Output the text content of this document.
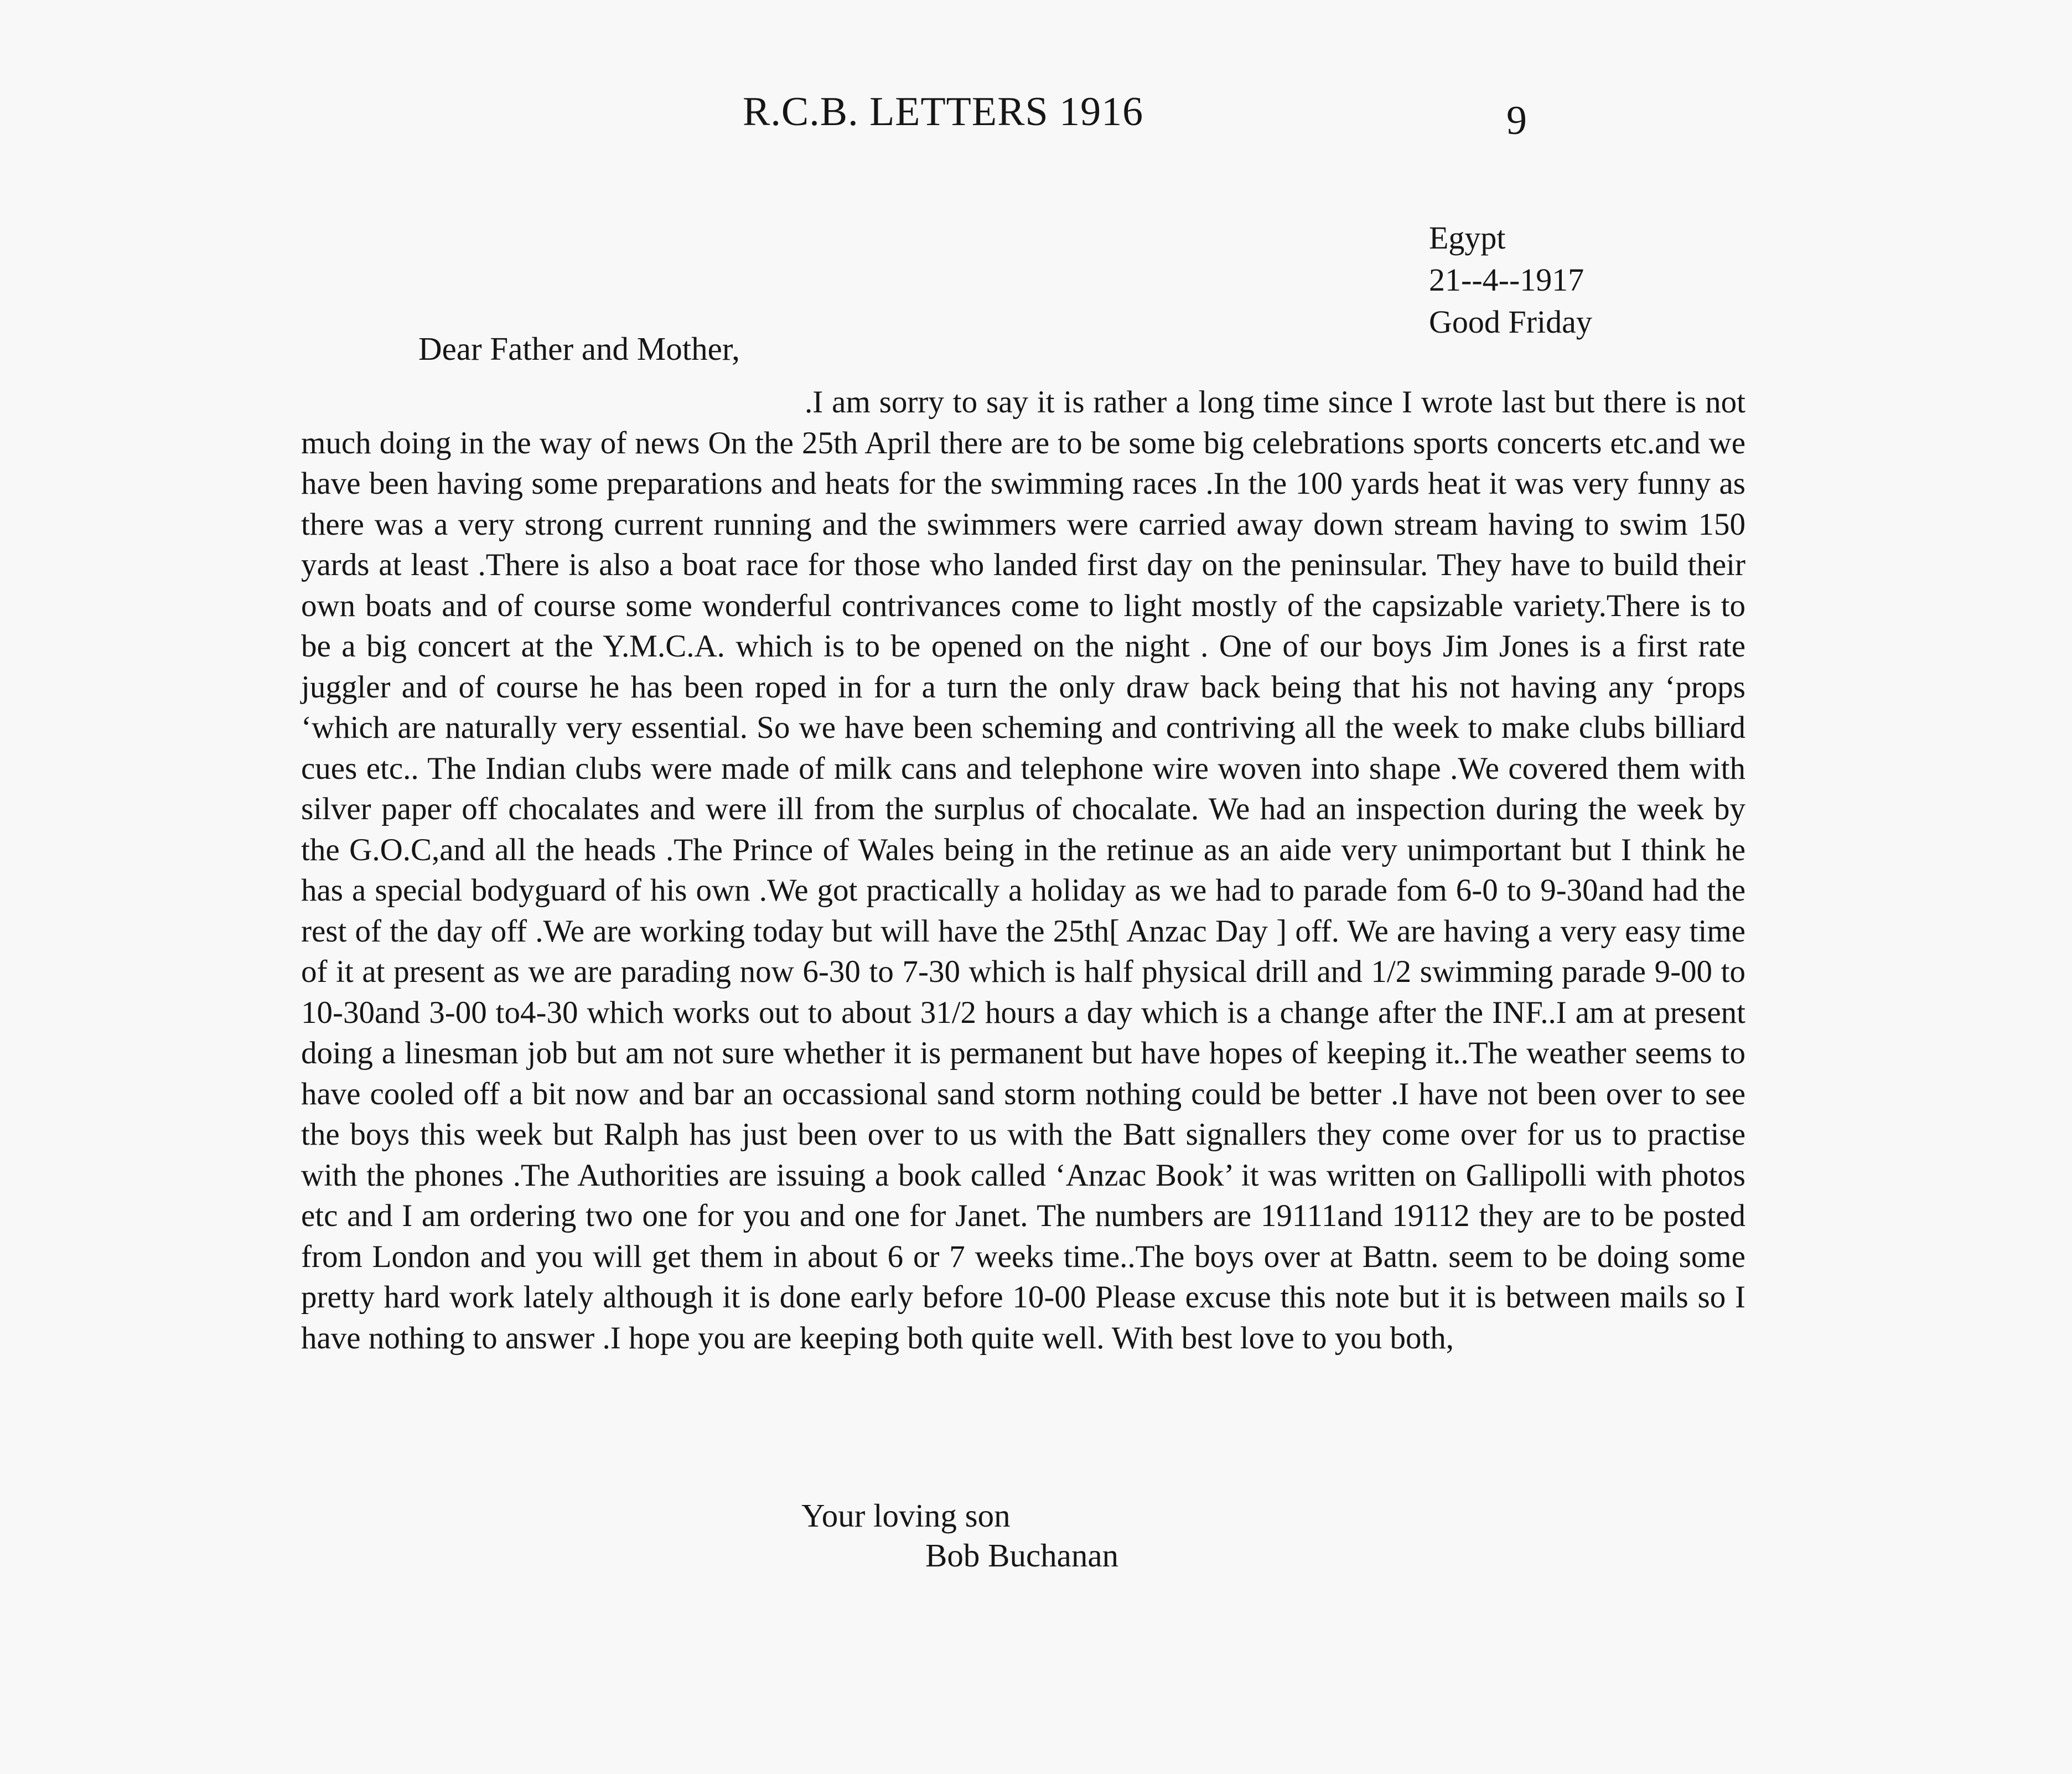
R.C.B. LETTERS 1916	9
Egypt
21--4--1917
Good Friday
Dear Father and Mother,
.I am sorry to say it is rather a long time since I wrote last but there is not much doing in the way of news On the 25th April there are to be some big celebrations sports concerts etc.and we have been having some preparations and heats for the swimming races .In the 100 yards heat it was very funny as there was a very strong current running and the swimmers were carried away down stream having to swim 150 yards at least .There is also a boat race for those who landed first day on the peninsular. They have to build their own boats and of course some wonderful contrivances come to light mostly of the capsizable variety.There is to be a big concert at the Y.M.C.A. which is to be opened on the night . One of our boys Jim Jones is a first rate juggler and of course he has been roped in for a turn the only draw back being that his not having any ‘props ‘which are naturally very essential. So we have been scheming and contriving all the week to make clubs billiard cues etc.. The Indian clubs were made of milk cans and telephone wire woven into shape .We covered them with silver paper off chocalates and were ill from the surplus of chocalate. We had an inspection during the week by the G.O.C,and all the heads .The Prince of Wales being in the retinue as an aide very unimportant but I think he has a special bodyguard of his own .We got practically a holiday as we had to parade fom 6-0 to 9-30and had the rest of the day off .We are working today but will have the 25th[ Anzac Day ] off. We are having a very easy time of it at present as we are parading now 6-30 to 7-30 which is half physical drill and 1/2 swimming parade 9-00 to 10-30and 3-00 to4-30 which works out to about 31/2 hours a day which is a change after the INF..I am at present doing a linesman job but am not sure whether it is permanent but have hopes of keeping it..The weather seems to have cooled off a bit now and bar an occassional sand storm nothing could be better .I have not been over to see the boys this week but Ralph has just been over to us with the Batt signallers they come over for us to practise with the phones .The Authorities are issuing a book called ‘Anzac Book’ it was written on Gallipolli with photos etc and I am ordering two one for you and one for Janet. The numbers are 19111and 19112 they are to be posted from London and you will get them in about 6 or 7 weeks time..The boys over at Battn. seem to be doing some pretty hard work lately although it is done early before 10-00 Please excuse this note but it is between mails so I have nothing to answer .I hope you are keeping both quite well. With best love to you both,
Your loving son
Bob Buchanan
